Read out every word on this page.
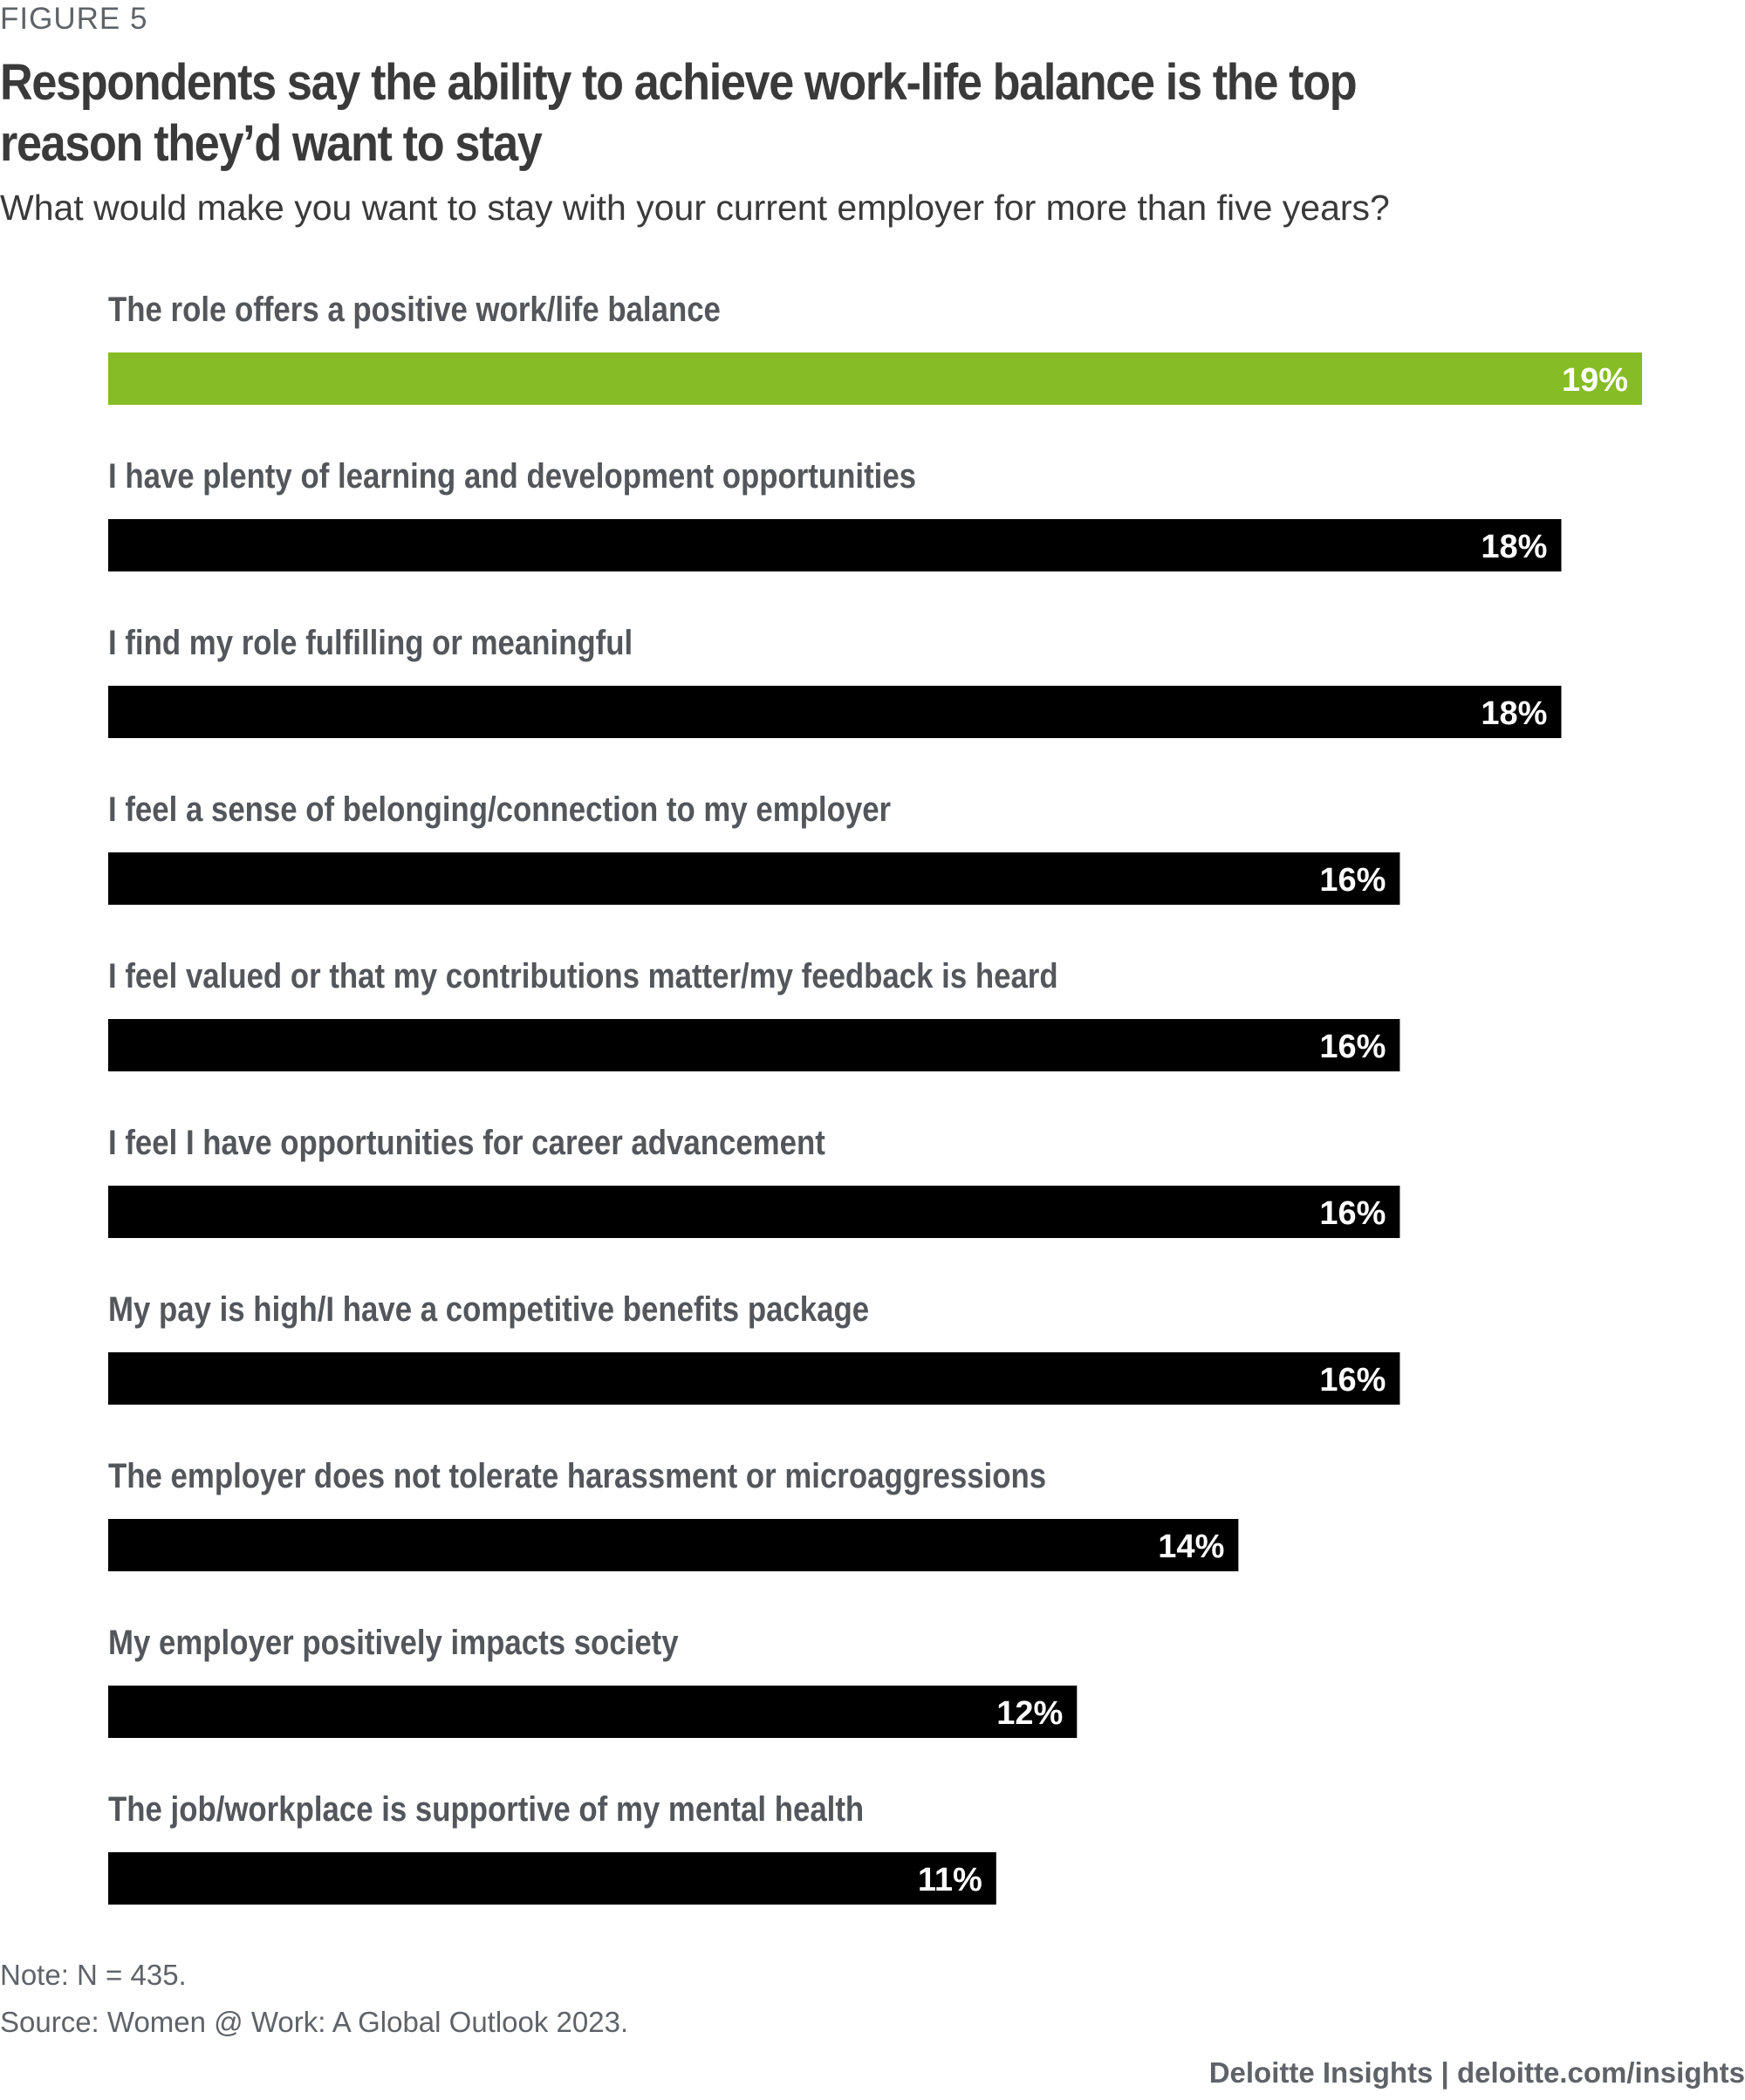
FIGURE 5
Respondents say the ability to achieve work-life balance is the top reason they’d want to stay
What would make you want to stay with your current employer for more than five years?
The role offers a positive work/life balance
19%
I have plenty of learning and development opportunities
18%
I find my role fulfilling or meaningful
18%
I feel a sense of belonging/connection to my employer
16%
I feel valued or that my contributions matter/my feedback is heard
16%
I feel I have opportunities for career advancement
16%
My pay is high/I have a competitive benefits package
16%
The employer does not tolerate harassment or microaggressions
14%
My employer positively impacts society
12%
The job/workplace is supportive of my mental health
11%
Note: N = 435.
Source: Women @ Work: A Global Outlook 2023.
Deloitte Insights | deloitte.com/insights
